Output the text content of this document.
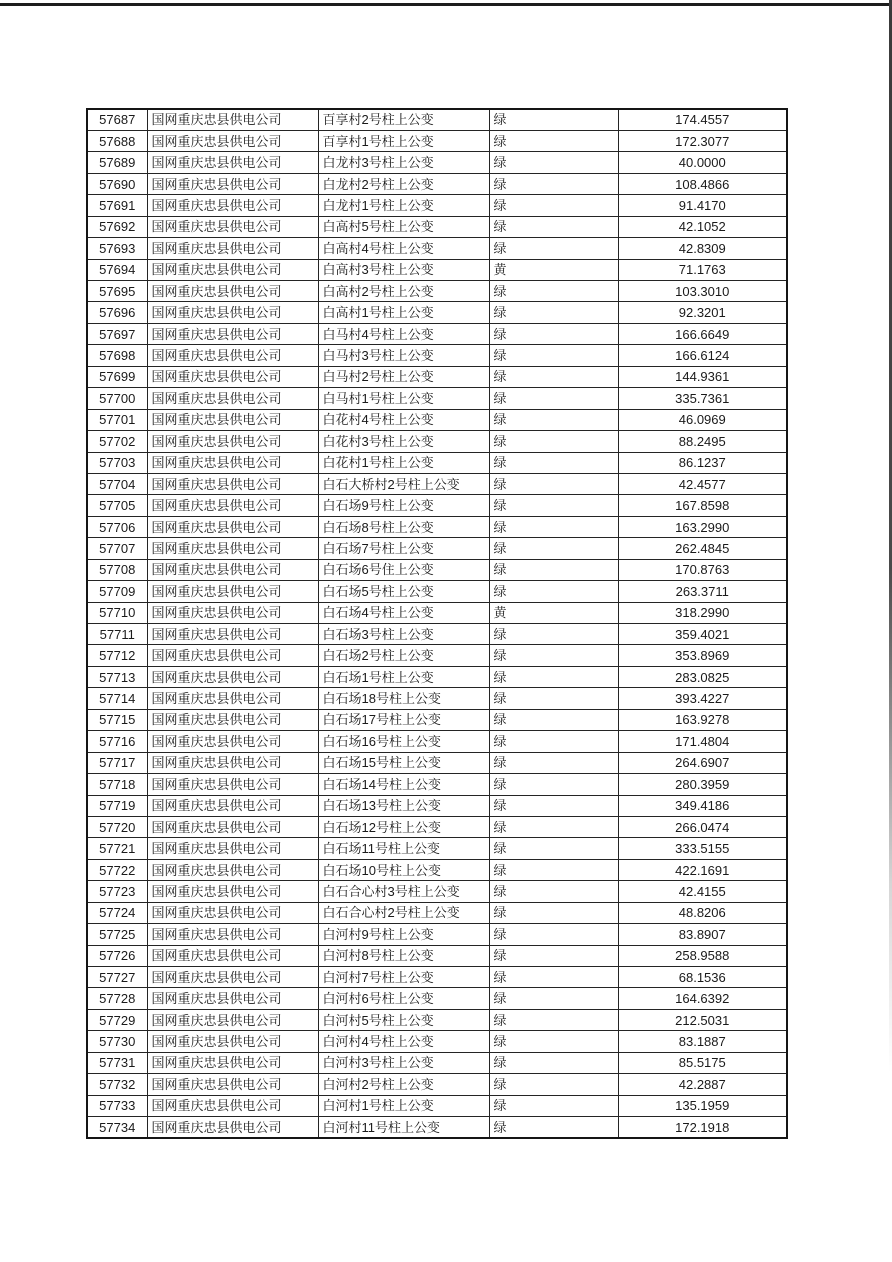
57687	国网重庆忠县供电公司	百享村2号柱上公变	绿	174.4557
57688	国网重庆忠县供电公司	百享村1号柱上公变	绿	172.3077
57689	国网重庆忠县供电公司	白龙村3号柱上公变	绿	40.0000
57690	国网重庆忠县供电公司	白龙村2号柱上公变	绿	108.4866
57691	国网重庆忠县供电公司	白龙村1号柱上公变	绿	91.4170
57692	国网重庆忠县供电公司	白高村5号柱上公变	绿	42.1052
57693	国网重庆忠县供电公司	白高村4号柱上公变	绿	42.8309
57694	国网重庆忠县供电公司	白高村3号柱上公变	黄	71.1763
57695	国网重庆忠县供电公司	白高村2号柱上公变	绿	103.3010
57696	国网重庆忠县供电公司	白高村1号柱上公变	绿	92.3201
57697	国网重庆忠县供电公司	白马村4号柱上公变	绿	166.6649
57698	国网重庆忠县供电公司	白马村3号柱上公变	绿	166.6124
57699	国网重庆忠县供电公司	白马村2号柱上公变	绿	144.9361
57700	国网重庆忠县供电公司	白马村1号柱上公变	绿	335.7361
57701	国网重庆忠县供电公司	白花村4号柱上公变	绿	46.0969
57702	国网重庆忠县供电公司	白花村3号柱上公变	绿	88.2495
57703	国网重庆忠县供电公司	白花村1号柱上公变	绿	86.1237
57704	国网重庆忠县供电公司	白石大桥村2号柱上公变	绿	42.4577
57705	国网重庆忠县供电公司	白石场9号柱上公变	绿	167.8598
57706	国网重庆忠县供电公司	白石场8号柱上公变	绿	163.2990
57707	国网重庆忠县供电公司	白石场7号柱上公变	绿	262.4845
57708	国网重庆忠县供电公司	白石场6号住上公变	绿	170.8763
57709	国网重庆忠县供电公司	白石场5号柱上公变	绿	263.3711
57710	国网重庆忠县供电公司	白石场4号柱上公变	黄	318.2990
57711	国网重庆忠县供电公司	白石场3号柱上公变	绿	359.4021
57712	国网重庆忠县供电公司	白石场2号柱上公变	绿	353.8969
57713	国网重庆忠县供电公司	白石场1号柱上公变	绿	283.0825
57714	国网重庆忠县供电公司	白石场18号柱上公变	绿	393.4227
57715	国网重庆忠县供电公司	白石场17号柱上公变	绿	163.9278
57716	国网重庆忠县供电公司	白石场16号柱上公变	绿	171.4804
57717	国网重庆忠县供电公司	白石场15号柱上公变	绿	264.6907
57718	国网重庆忠县供电公司	白石场14号柱上公变	绿	280.3959
57719	国网重庆忠县供电公司	白石场13号柱上公变	绿	349.4186
57720	国网重庆忠县供电公司	白石场12号柱上公变	绿	266.0474
57721	国网重庆忠县供电公司	白石场11号柱上公变	绿	333.5155
57722	国网重庆忠县供电公司	白石场10号柱上公变	绿	422.1691
57723	国网重庆忠县供电公司	白石合心村3号柱上公变	绿	42.4155
57724	国网重庆忠县供电公司	白石合心村2号柱上公变	绿	48.8206
57725	国网重庆忠县供电公司	白河村9号柱上公变	绿	83.8907
57726	国网重庆忠县供电公司	白河村8号柱上公变	绿	258.9588
57727	国网重庆忠县供电公司	白河村7号柱上公变	绿	68.1536
57728	国网重庆忠县供电公司	白河村6号柱上公变	绿	164.6392
57729	国网重庆忠县供电公司	白河村5号柱上公变	绿	212.5031
57730	国网重庆忠县供电公司	白河村4号柱上公变	绿	83.1887
57731	国网重庆忠县供电公司	白河村3号柱上公变	绿	85.5175
57732	国网重庆忠县供电公司	白河村2号柱上公变	绿	42.2887
57733	国网重庆忠县供电公司	白河村1号柱上公变	绿	135.1959
57734	国网重庆忠县供电公司	白河村11号柱上公变	绿	172.1918
